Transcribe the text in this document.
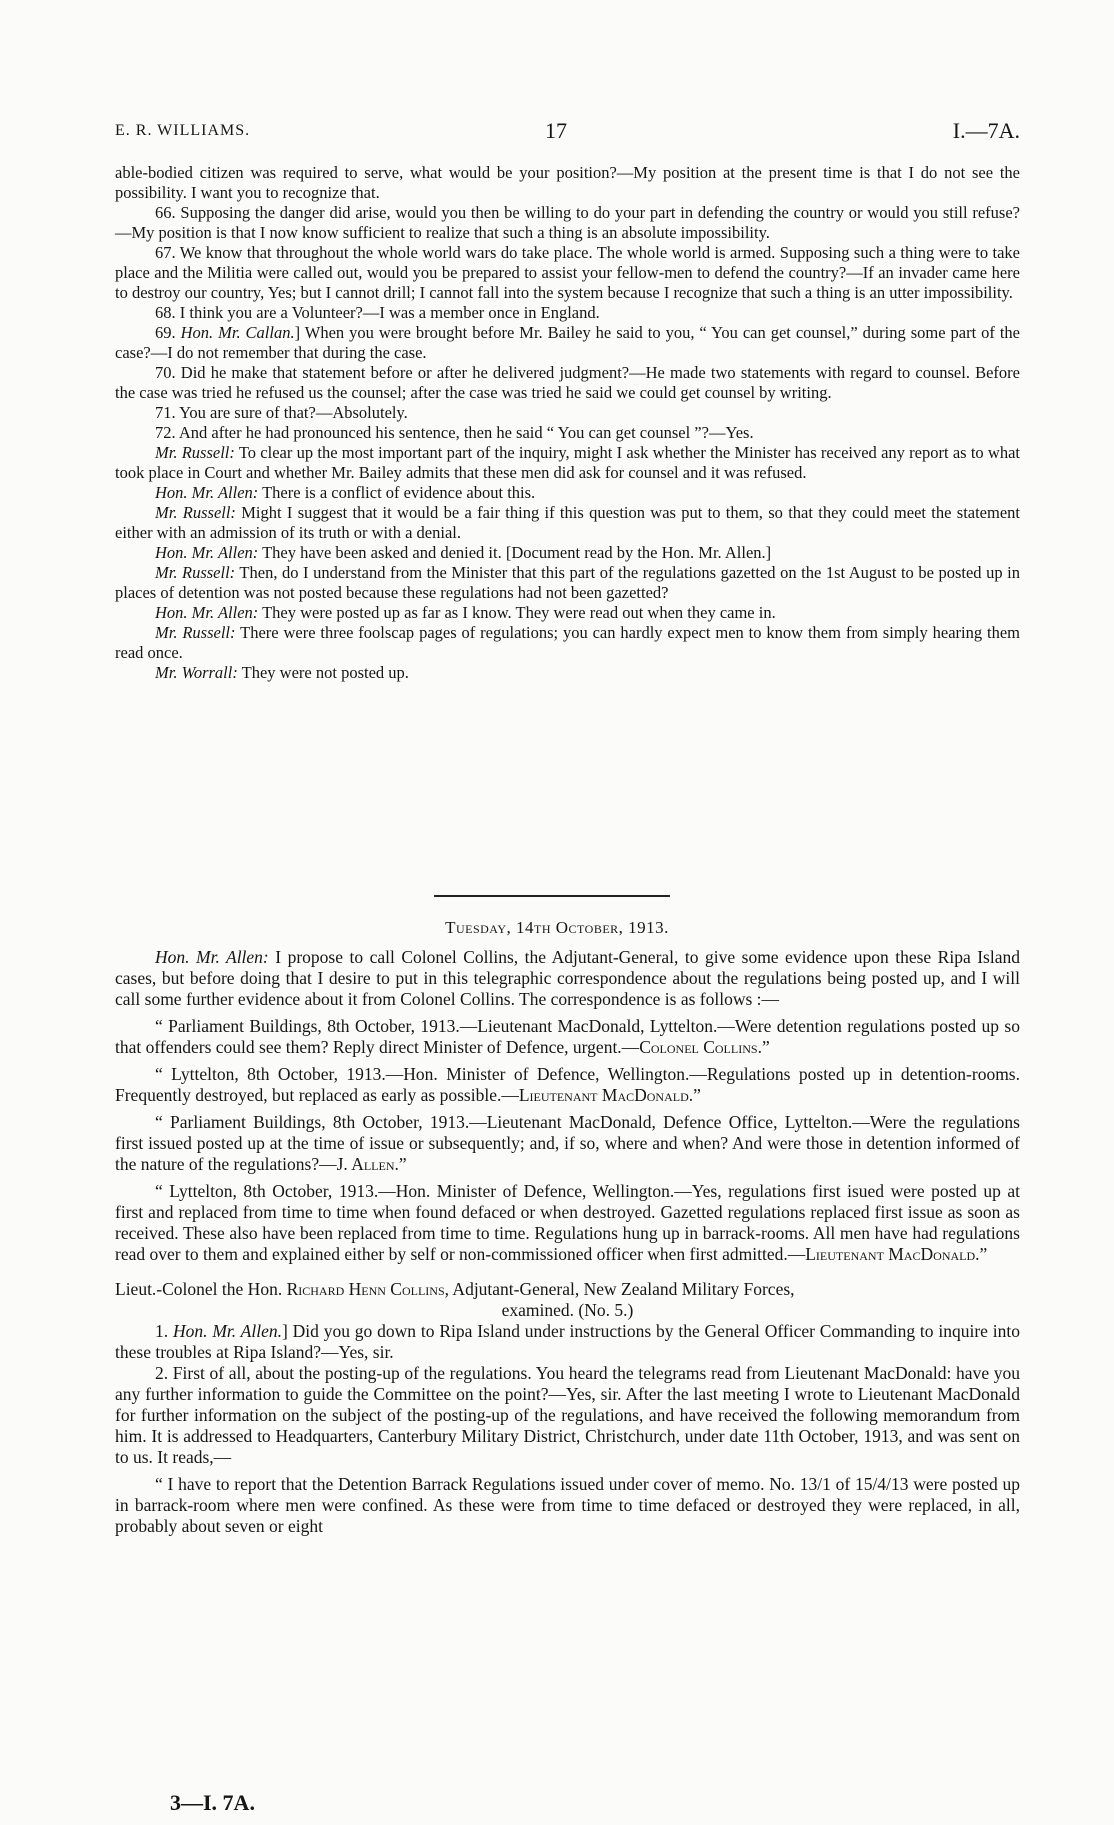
E. R. WILLIAMS.	17	I.—7A.

able-bodied citizen was required to serve, what would be your position?—My position at the present time is that I do not see the possibility. I want you to recognize that.

66. Supposing the danger did arise, would you then be willing to do your part in defending the country or would you still refuse?—My position is that I now know sufficient to realize that such a thing is an absolute impossibility.

67. We know that throughout the whole world wars do take place. The whole world is armed. Supposing such a thing were to take place and the Militia were called out, would you be prepared to assist your fellow-men to defend the country?—If an invader came here to destroy our country, Yes; but I cannot drill; I cannot fall into the system because I recognize that such a thing is an utter impossibility.

68. I think you are a Volunteer?—I was a member once in England.

69. Hon. Mr. Callan.] When you were brought before Mr. Bailey he said to you, “ You can get counsel,” during some part of the case?—I do not remember that during the case.

70. Did he make that statement before or after he delivered judgment?—He made two statements with regard to counsel. Before the case was tried he refused us the counsel; after the case was tried he said we could get counsel by writing.

71. You are sure of that?—Absolutely.

72. And after he had pronounced his sentence, then he said “ You can get counsel ”?—Yes.

Mr. Russell: To clear up the most important part of the inquiry, might I ask whether the Minister has received any report as to what took place in Court and whether Mr. Bailey admits that these men did ask for counsel and it was refused.

Hon. Mr. Allen: There is a conflict of evidence about this.

Mr. Russell: Might I suggest that it would be a fair thing if this question was put to them, so that they could meet the statement either with an admission of its truth or with a denial.

Hon. Mr. Allen: They have been asked and denied it. [Document read by the Hon. Mr. Allen.]

Mr. Russell: Then, do I understand from the Minister that this part of the regulations gazetted on the 1st August to be posted up in places of detention was not posted because these regulations had not been gazetted?

Hon. Mr. Allen: They were posted up as far as I know. They were read out when they came in.

Mr. Russell: There were three foolscap pages of regulations; you can hardly expect men to know them from simply hearing them read once.

Mr. Worrall: They were not posted up.

Tuesday, 14th October, 1913.

Hon. Mr. Allen: I propose to call Colonel Collins, the Adjutant-General, to give some evidence upon these Ripa Island cases, but before doing that I desire to put in this telegraphic correspondence about the regulations being posted up, and I will call some further evidence about it from Colonel Collins. The correspondence is as follows :—

“ Parliament Buildings, 8th October, 1913.—Lieutenant MacDonald, Lyttelton.—Were detention regulations posted up so that offenders could see them? Reply direct Minister of Defence, urgent.—Colonel Collins.”

“ Lyttelton, 8th October, 1913.—Hon. Minister of Defence, Wellington.—Regulations posted up in detention-rooms. Frequently destroyed, but replaced as early as possible.—Lieutenant MacDonald.”

“ Parliament Buildings, 8th October, 1913.—Lieutenant MacDonald, Defence Office, Lyttelton.—Were the regulations first issued posted up at the time of issue or subsequently; and, if so, where and when? And were those in detention informed of the nature of the regulations?—J. Allen.”

“ Lyttelton, 8th October, 1913.—Hon. Minister of Defence, Wellington.—Yes, regulations first isued were posted up at first and replaced from time to time when found defaced or when destroyed. Gazetted regulations replaced first issue as soon as received. These also have been replaced from time to time. Regulations hung up in barrack-rooms. All men have had regulations read over to them and explained either by self or non-commissioned officer when first admitted.—Lieutenant MacDonald.”

Lieut.-Colonel the Hon. Richard Henn Collins, Adjutant-General, New Zealand Military Forces,

examined. (No. 5.)

1. Hon. Mr. Allen.] Did you go down to Ripa Island under instructions by the General Officer Commanding to inquire into these troubles at Ripa Island?—Yes, sir.

2. First of all, about the posting-up of the regulations. You heard the telegrams read from Lieutenant MacDonald: have you any further information to guide the Committee on the point?—Yes, sir. After the last meeting I wrote to Lieutenant MacDonald for further information on the subject of the posting-up of the regulations, and have received the following memorandum from him. It is addressed to Headquarters, Canterbury Military District, Christchurch, under date 11th October, 1913, and was sent on to us. It reads,—

“ I have to report that the Detention Barrack Regulations issued under cover of memo. No. 13/1 of 15/4/13 were posted up in barrack-room where men were confined. As these were from time to time defaced or destroyed they were replaced, in all, probably about seven or eight

3—I. 7A.
